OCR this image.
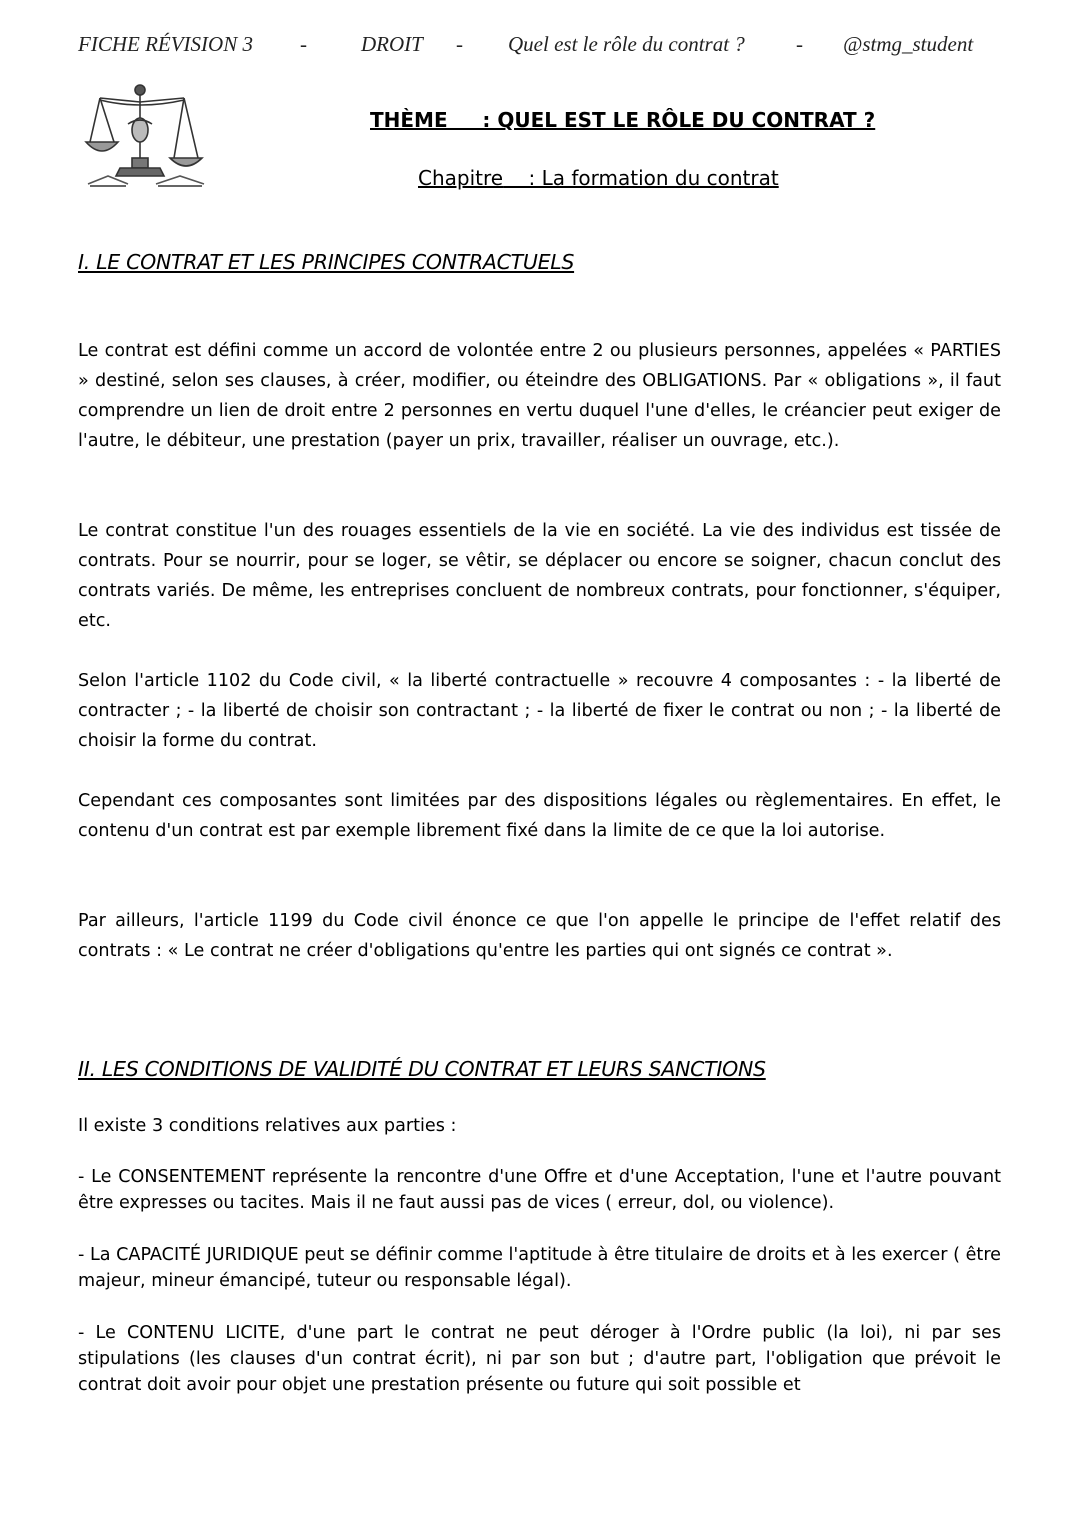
FICHE RÉVISION 3 -	DROIT - Quel est le rôle du contrat ? - @stmg_student
THÈME     : QUEL EST LE RÔLE DU CONTRAT ?
Chapitre    : La formation du contrat
I. LE CONTRAT ET LES PRINCIPES CONTRACTUELS

Le contrat est défini comme un accord de volontée entre 2 ou plusieurs personnes, appelées « PARTIES » destiné, selon ses clauses, à créer, modifier, ou éteindre des OBLIGATIONS. Par « obligations », il faut comprendre un lien de droit entre 2 personnes en vertu duquel l'une d'elles, le créancier peut exiger de l'autre, le débiteur, une prestation (payer un prix, travailler, réaliser un ouvrage, etc.).

Le contrat constitue l'un des rouages essentiels de la vie en société. La vie des individus est tissée de contrats. Pour se nourrir, pour se loger, se vêtir, se déplacer ou encore se soigner, chacun conclut des contrats variés. De même, les entreprises concluent de nombreux contrats, pour fonctionner, s'équiper, etc.

Selon l'article 1102 du Code civil, « la liberté contractuelle » recouvre 4 composantes : - la liberté de contracter ; - la liberté de choisir son contractant ; - la liberté de fixer le contrat ou non ; - la liberté de choisir la forme du contrat.

Cependant ces composantes sont limitées par des dispositions légales ou règlementaires. En effet, le contenu d'un contrat est par exemple librement fixé dans la limite de ce que la loi autorise.

Par ailleurs, l'article 1199 du Code civil énonce ce que l'on appelle le principe de l'effet relatif des contrats : « Le contrat ne créer d'obligations qu'entre les parties qui ont signés ce contrat ».

II. LES CONDITIONS DE VALIDITÉ DU CONTRAT ET LEURS SANCTIONS

Il existe 3 conditions relatives aux parties :

- Le CONSENTEMENT représente la rencontre d'une Offre et d'une Acceptation, l'une et l'autre pouvant être expresses ou tacites. Mais il ne faut aussi pas de vices ( erreur, dol, ou violence).

- La CAPACITÉ JURIDIQUE peut se définir comme l'aptitude à être titulaire de droits et à les exercer ( être majeur, mineur émancipé, tuteur ou responsable légal).

- Le CONTENU LICITE, d'une part le contrat ne peut déroger à l'Ordre public (la loi), ni par ses stipulations (les clauses d'un contrat écrit), ni par son but ; d'autre part, l'obligation que prévoit le contrat doit avoir pour objet une prestation présente ou future qui soit possible et
